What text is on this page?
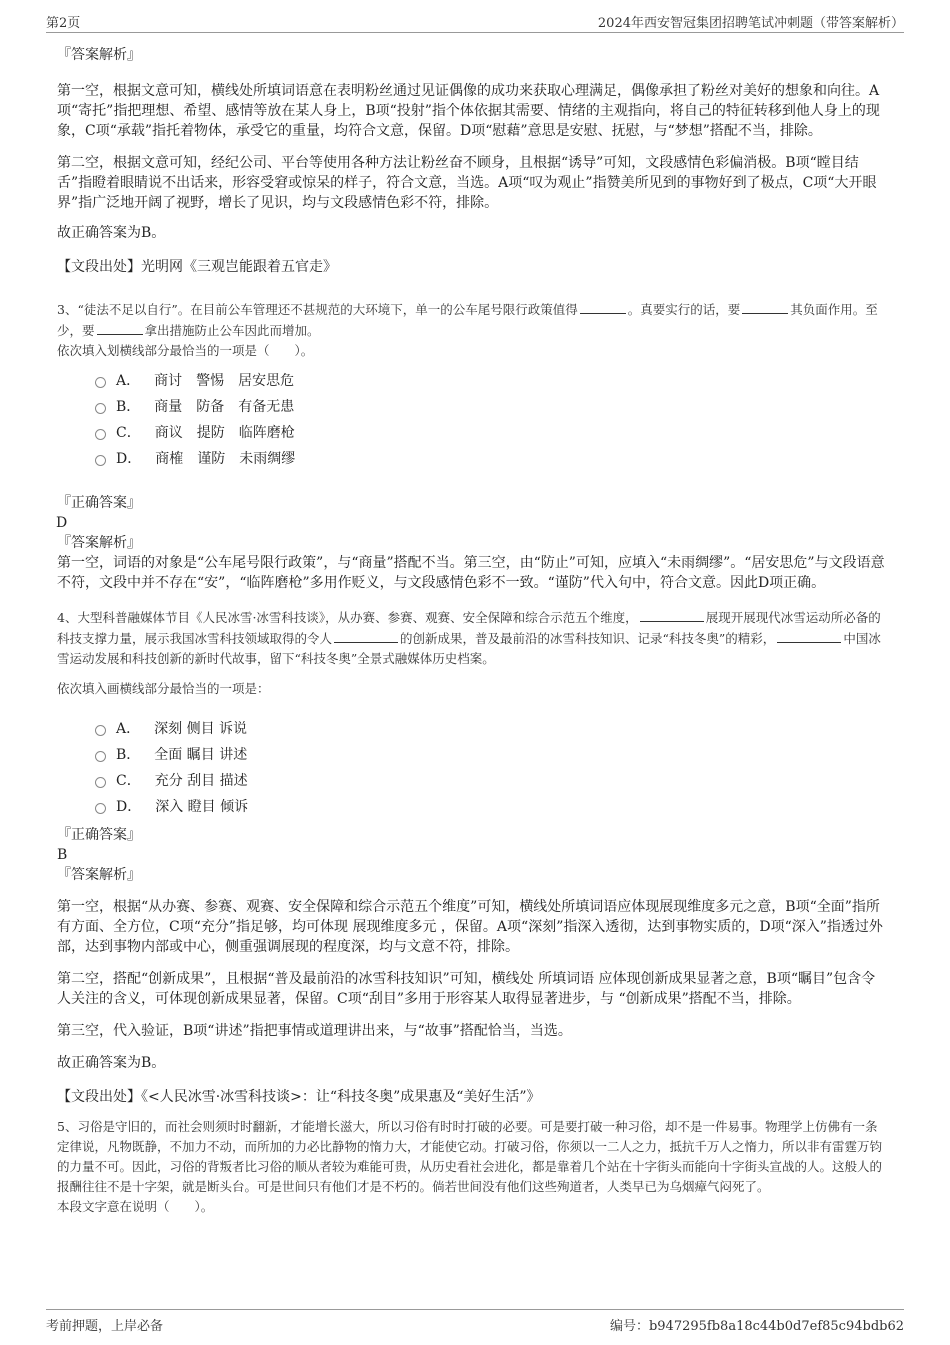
第2页	2024年西安智冠集团招聘笔试冲刺题（带答案解析）

『答案解析』

第一空，根据文意可知，横线处所填词语意在表明粉丝通过见证偶像的成功来获取心理满足，偶像承担了粉丝对美好的想象和向往。A项“寄托”指把理想、希望、感情等放在某人身上，B项“投射”指个体依据其需要、情绪的主观指向，将自己的特征转移到他人身上的现象，C项“承载”指托着物体，承受它的重量，均符合文意，保留。D项“慰藉”意思是安慰、抚慰，与“梦想”搭配不当，排除。

第二空，根据文意可知，经纪公司、平台等使用各种方法让粉丝奋不顾身，且根据“诱导”可知，文段感情色彩偏消极。B项“瞠目结舌”指瞪着眼睛说不出话来，形容受窘或惊呆的样子，符合文意，当选。A项“叹为观止”指赞美所见到的事物好到了极点，C项“大开眼界”指广泛地开阔了视野，增长了见识，均与文段感情色彩不符，排除。

故正确答案为B。

【文段出处】光明网《三观岂能跟着五官走》

3、“徒法不足以自行”。在目前公车管理还不甚规范的大环境下，单一的公车尾号限行政策值得	。真要实行的话，要	其负面作用。至少，要	拿出措施防止公车因此而增加。

依次填入划横线部分最恰当的一项是（　　）。

A． 商讨　警惕　居安思危
B． 商量　防备　有备无患
C． 商议　提防　临阵磨枪
D． 商榷　谨防　未雨绸缪

『正确答案』

D

『答案解析』

第一空，词语的对象是“公车尾号限行政策”，与“商量”搭配不当。第三空，由“防止”可知，应填入“未雨绸缪”。“居安思危”与文段语意不符，文段中并不存在“安”，“临阵磨枪”多用作贬义，与文段感情色彩不一致。“谨防”代入句中，符合文意。因此D项正确。

4、大型科普融媒体节目《人民冰雪·冰雪科技谈》，从办赛、参赛、观赛、安全保障和综合示范五个维度，	展现开展现代冰雪运动所必备的科技支撑力量，展示我国冰雪科技领域取得的令人	的创新成果，普及最前沿的冰雪科技知识、记录“科技冬奥”的精彩，	中国冰雪运动发展和科技创新的新时代故事，留下“科技冬奥”全景式融媒体历史档案。

依次填入画横线部分最恰当的一项是：

A． 深刻 侧目 诉说
B． 全面 瞩目 讲述
C． 充分 刮目 描述
D． 深入 瞪目 倾诉

『正确答案』

B

『答案解析』

第一空，根据“从办赛、参赛、观赛、安全保障和综合示范五个维度”可知，横线处所填词语应体现展现维度多元之意，B项“全面”指所有方面、全方位，C项“充分”指足够，均可体现 展现维度多元 ，保留。A项“深刻”指深入透彻，达到事物实质的，D项“深入”指透过外部，达到事物内部或中心，侧重强调展现的程度深，均与文意不符，排除。

第二空，搭配“创新成果”，且根据“普及最前沿的冰雪科技知识”可知，横线处 所填词语 应体现创新成果显著之意，B项“瞩目”包含令人关注的含义，可体现创新成果显著，保留。C项“刮目”多用于形容某人取得显著进步，与 “创新成果”搭配不当，排除。

第三空，代入验证，B项“讲述”指把事情或道理讲出来，与“故事”搭配恰当，当选。

故正确答案为B。

【文段出处】《<人民冰雪·冰雪科技谈>：让“科技冬奥”成果惠及“美好生活”》

5、习俗是守旧的，而社会则须时时翻新，才能增长滋大，所以习俗有时时打破的必要。可是要打破一种习俗，却不是一件易事。物理学上仿佛有一条定律说，凡物既静，不加力不动，而所加的力必比静物的惰力大，才能使它动。打破习俗，你须以一二人之力，抵抗千万人之惰力，所以非有雷霆万钧的力量不可。因此，习俗的背叛者比习俗的顺从者较为难能可贵，从历史看社会进化，都是靠着几个站在十字街头而能向十字街头宣战的人。这般人的报酬往往不是十字架，就是断头台。可是世间只有他们才是不朽的。倘若世间没有他们这些殉道者，人类早已为乌烟瘴气闷死了。

本段文字意在说明（　　）。

考前押题，上岸必备	编号：b947295fb8a18c44b0d7ef85c94bdb62
